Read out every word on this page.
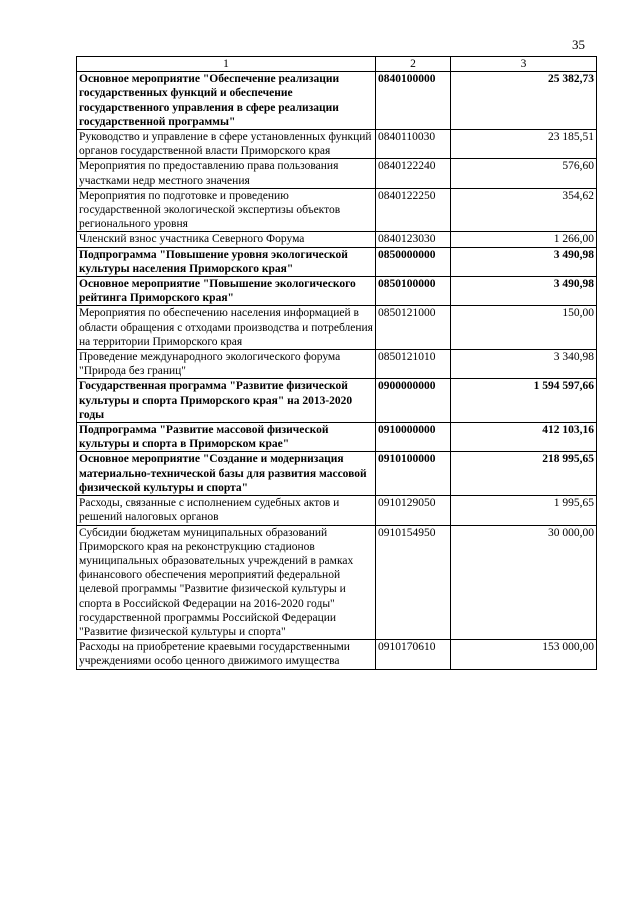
35
1	2	3
Основное мероприятие "Обеспечение реализации государственных функций и обеспечение государственного управления в сфере реализации государственной программы"	0840100000	25 382,73
Руководство и управление в сфере установленных функций органов государственной власти Приморского края	0840110030	23 185,51
Мероприятия по предоставлению права пользования участками недр местного значения	0840122240	576,60
Мероприятия по подготовке и проведению государственной экологической экспертизы объектов регионального уровня	0840122250	354,62
Членский взнос участника Северного Форума	0840123030	1 266,00
Подпрограмма "Повышение уровня экологической культуры населения Приморского края"	0850000000	3 490,98
Основное мероприятие "Повышение экологического рейтинга Приморского края"	0850100000	3 490,98
Мероприятия по обеспечению населения информацией в области обращения с отходами производства и потребления на территории Приморского края	0850121000	150,00
Проведение международного экологического форума "Природа без границ"	0850121010	3 340,98
Государственная программа "Развитие физической культуры и спорта Приморского края" на 2013-2020 годы	0900000000	1 594 597,66
Подпрограмма "Развитие массовой физической культуры и спорта в Приморском крае"	0910000000	412 103,16
Основное мероприятие "Создание и модернизация материально-технической базы для развития массовой физической культуры и спорта"	0910100000	218 995,65
Расходы, связанные с исполнением судебных актов и решений налоговых органов	0910129050	1 995,65
Субсидии бюджетам муниципальных образований Приморского края на реконструкцию стадионов муниципальных образовательных учреждений в рамках финансового обеспечения мероприятий федеральной целевой программы "Развитие физической культуры и спорта в Российской Федерации на 2016-2020 годы" государственной программы Российской Федерации "Развитие физической культуры и спорта"	0910154950	30 000,00
Расходы на приобретение краевыми государственными учреждениями особо ценного движимого имущества	0910170610	153 000,00
